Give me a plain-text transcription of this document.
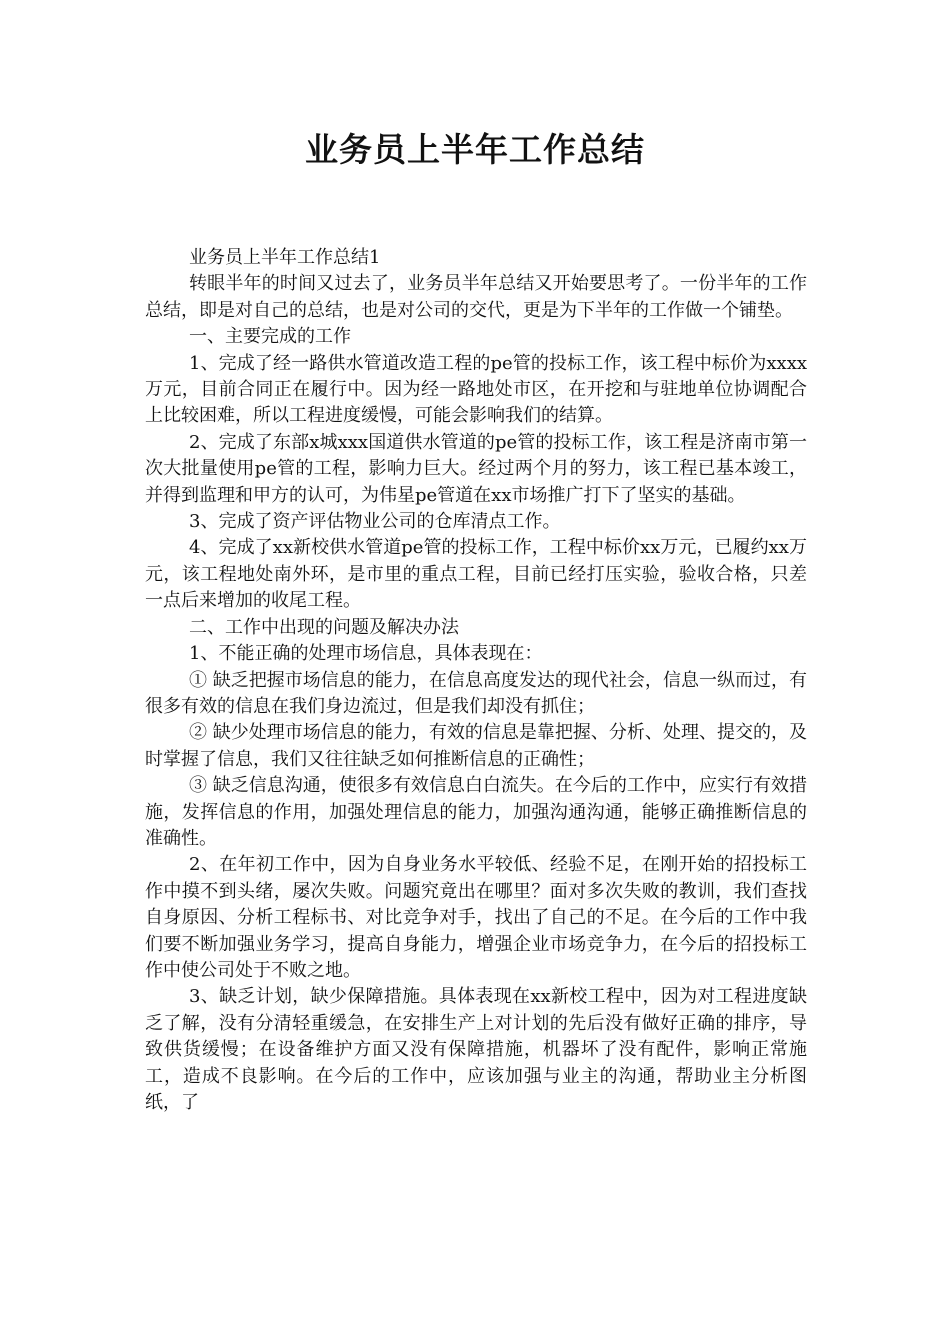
业务员上半年工作总结

业务员上半年工作总结1

转眼半年的时间又过去了，业务员半年总结又开始要思考了。一份半年的工作总结，即是对自己的总结，也是对公司的交代，更是为下半年的工作做一个铺垫。

一、主要完成的工作

1、完成了经一路供水管道改造工程的pe管的投标工作，该工程中标价为xxxx万元，目前合同正在履行中。因为经一路地处市区，在开挖和与驻地单位协调配合上比较困难，所以工程进度缓慢，可能会影响我们的结算。

2、完成了东部x城xxx国道供水管道的pe管的投标工作，该工程是济南市第一次大批量使用pe管的工程，影响力巨大。经过两个月的努力，该工程已基本竣工，并得到监理和甲方的认可，为伟星pe管道在xx市场推广打下了坚实的基础。

3、完成了资产评估物业公司的仓库清点工作。

4、完成了xx新校供水管道pe管的投标工作，工程中标价xx万元，已履约xx万元，该工程地处南外环，是市里的重点工程，目前已经打压实验，验收合格，只差一点后来增加的收尾工程。

二、工作中出现的问题及解决办法

1、不能正确的处理市场信息，具体表现在：

① 缺乏把握市场信息的能力，在信息高度发达的现代社会，信息一纵而过，有很多有效的信息在我们身边流过，但是我们却没有抓住；

② 缺少处理市场信息的能力，有效的信息是靠把握、分析、处理、提交的，及时掌握了信息，我们又往往缺乏如何推断信息的正确性；

③ 缺乏信息沟通，使很多有效信息白白流失。在今后的工作中，应实行有效措施，发挥信息的作用，加强处理信息的能力，加强沟通沟通，能够正确推断信息的准确性。

2、在年初工作中，因为自身业务水平较低、经验不足，在刚开始的招投标工作中摸不到头绪，屡次失败。问题究竟出在哪里？面对多次失败的教训，我们查找自身原因、分析工程标书、对比竞争对手，找出了自己的不足。在今后的工作中我们要不断加强业务学习，提高自身能力，增强企业市场竞争力，在今后的招投标工作中使公司处于不败之地。

3、缺乏计划，缺少保障措施。具体表现在xx新校工程中，因为对工程进度缺乏了解，没有分清轻重缓急，在安排生产上对计划的先后没有做好正确的排序，导致供货缓慢；在设备维护方面又没有保障措施，机器坏了没有配件，影响正常施工，造成不良影响。在今后的工作中，应该加强与业主的沟通，帮助业主分析图纸，了
